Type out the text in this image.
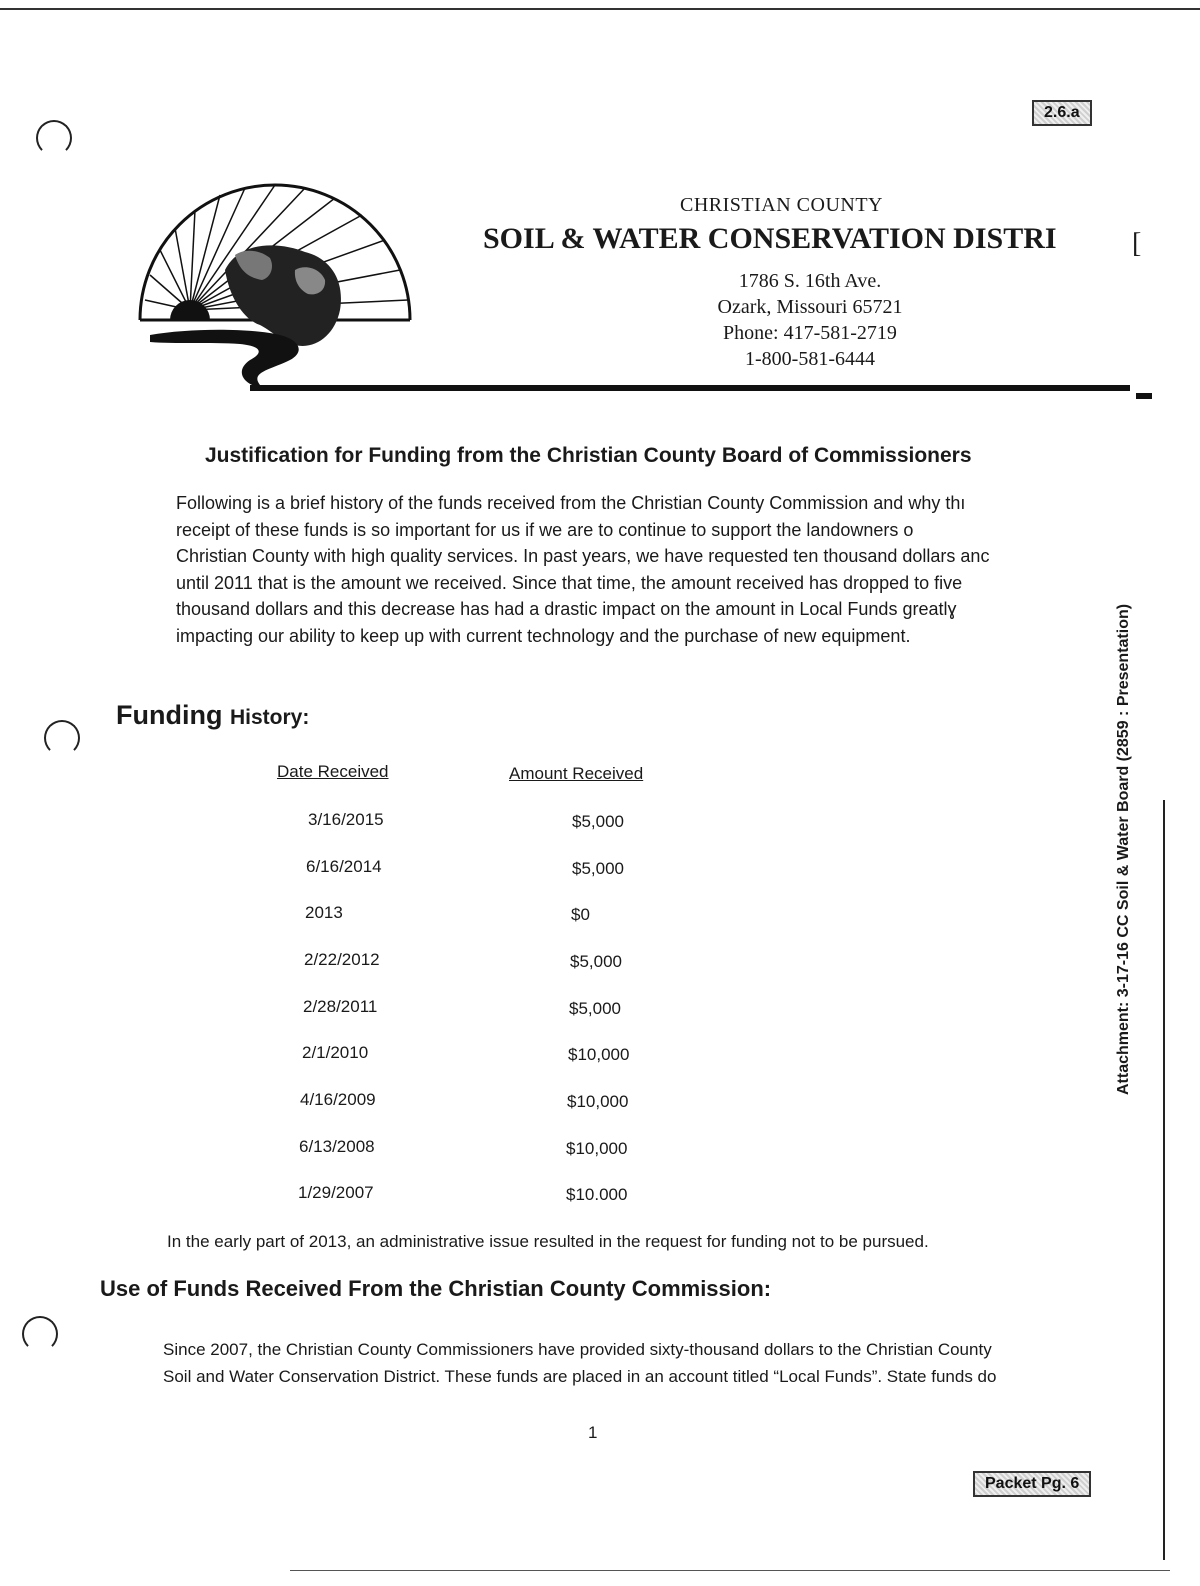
2.6.a
Packet Pg. 6
CHRISTIAN COUNTY
SOIL & WATER CONSERVATION DISTRI	[
1786 S. 16th Ave.
Ozark, Missouri 65721
Phone: 417-581-2719
1-800-581-6444
Justification for Funding from the Christian County Board of Commissioners
Following is a brief history of the funds received from the Christian County Commission and why thı
receipt of these funds is so important for us if we are to continue to support the landowners o
Christian County with high quality services. In past years, we have requested ten thousand dollars anc
until 2011 that is the amount we received. Since that time, the amount received has dropped to five
thousand dollars and this decrease has had a drastic impact on the amount in Local Funds greatlɣ
impacting our ability to keep up with current technology and the purchase of new equipment.
Funding History:
Date Received	Amount Received
3/16/2015	$5,000
6/16/2014	$5,000
2013	$0
2/22/2012	$5,000
2/28/2011	$5,000
2/1/2010	$10,000
4/16/2009	$10,000
6/13/2008	$10,000
1/29/2007	$10.000
In the early part of 2013, an administrative issue resulted in the request for funding not to be pursued.
Use of Funds Received From the Christian County Commission:
Since 2007, the Christian County Commissioners have provided sixty-thousand dollars to the Christian County
Soil and Water Conservation District. These funds are placed in an account titled “Local Funds”. State funds do
1
Attachment: 3-17-16 CC Soil & Water Board (2859 : Presentation)
